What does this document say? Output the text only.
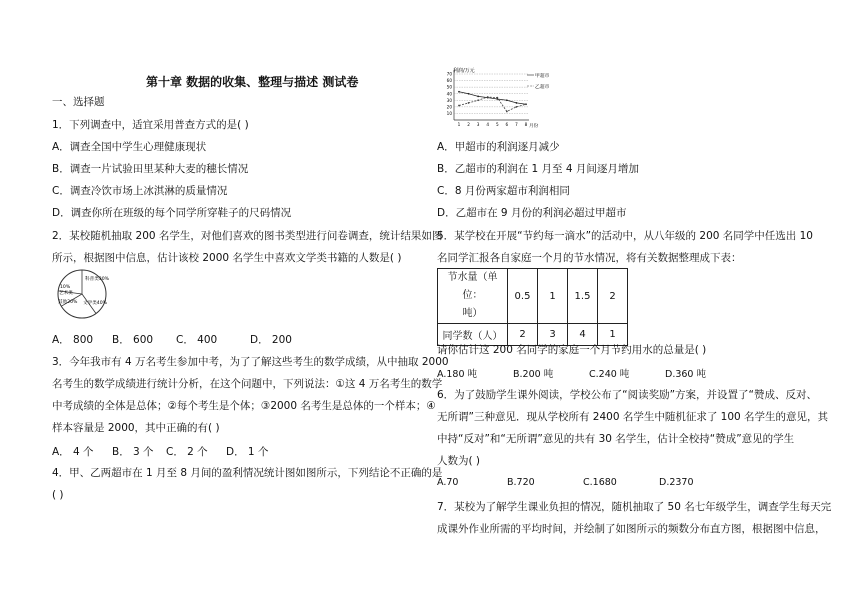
第十章 数据的收集、整理与描述 测试卷
一、选择题
1．下列调查中，适宜采用普查方式的是( )
A．调查全国中学生心理健康现状
B．调查一片试验田里某种大麦的穗长情况
C．调查冷饮市场上冰淇淋的质量情况
D．调查你所在班级的每个同学所穿鞋子的尺码情况
2．某校随机抽取 200 名学生，对他们喜欢的图书类型进行问卷调查，统计结果如图
所示，根据图中信息，估计该校 2000 名学生中喜欢文学类书籍的人数是( )
科普类30%
10%
艺术类
其他20% 文学类40%
A． 800 B． 600 C． 400	D． 200
3．今年我市有 4 万名考生参加中考，为了了解这些考生的数学成绩，从中抽取 2000
名考生的数学成绩进行统计分析，在这个问题中，下列说法：①这 4 万名考生的数学
中考成绩的全体是总体；②每个考生是个体；③2000 名考生是总体的一个样本；④
样本容量是 2000，其中正确的有( )
A． 4 个 B． 3 个 C． 2 个 D． 1 个
4．甲、乙两超市在 1 月至 8 月间的盈利情况统计图如图所示，下列结论不正确的是
( )
利润/万元
月份
甲超市
乙超市
10
20
30
40
50
60
70
1 2 3 4 5 6 7 8
A．甲超市的利润逐月减少
B．乙超市的利润在 1 月至 4 月间逐月增加
C．8 月份两家超市利润相同
D．乙超市在 9 月份的利润必超过甲超市
5．某学校在开展“节约每一滴水”的活动中，从八年级的 200 名同学中任选出 10
名同学汇报各自家庭一个月的节水情况，将有关数据整理成下表：
节水量（单位：
吨）	0.5	1	1.5	2
同学数（人）	2	3	4	1
请你估计这 200 名同学的家庭一个月节约用水的总量是( )
A.180 吨	B.200 吨	C.240 吨	D.360 吨
6．为了鼓励学生课外阅读，学校公布了“阅读奖励”方案，并设置了“赞成、反对、
无所谓”三种意见．现从学校所有 2400 名学生中随机征求了 100 名学生的意见，其
中持“反对”和“无所谓”意见的共有 30 名学生，估计全校持“赞成”意见的学生
人数为( )
A.70	B.720	C.1680	D.2370
7．某校为了解学生课业负担的情况，随机抽取了 50 名七年级学生，调查学生每天完
成课外作业所需的平均时间，并绘制了如图所示的频数分布直方图，根据图中信息，
